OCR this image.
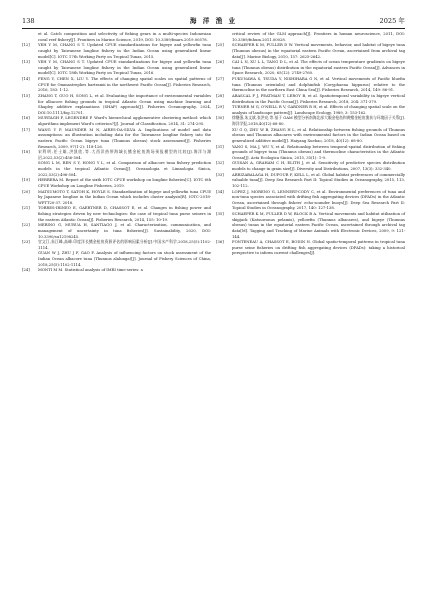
138	海 洋 渔 业	2025 年
et al. Catch composition and selectivity of fishing gears in a multi-species Indonesian coral reef fishery[J]. Frontiers in Marine Science, 2019, DOI: 10.3389/fmars.2019.00578.
[12] YEH Y M, CHANG S T. Updated CPUE standardizations for bigeye and yellowfin tuna caught by Taiwanese longline fishery in the Indian Ocean using generalized linear model[C]. IOTC 17th Working Party on Tropical Tunas, 2015.
[13] YEH Y M, CHANG S T. Updated CPUE standardizations for bigeye and yellowfin tuna caught by Taiwanese longline fishery in the Indian Ocean using generalized linear model[C]. IOTC 18th Working Party on Tropical Tunas, 2016.
[14] FENG Y, CHEN X, LIU Y. The effects of changing spatial scales on spatial patterns of CPUE for Ommastrephes bartramii in the northwest Pacific Ocean[J]. Fisheries Research, 2016, 183: 1-12.
[15] ZHANG T, GUO H, SONG L, et al. Evaluating the importance of environmental variables for albacore fishing grounds in tropical Atlantic Ocean using machine learning and Shapley additive explanations (SHAP) approach[J]. Fisheries Oceanography, 2024, DOI:10.1111/fog.12701.
[16] MURTAGH F, LEGENDRE P. Ward's hierarchical agglomerative clustering method: which algorithms implement Ward's criterion?[J]. Journal of Classification, 2014, 31: 274-295.
[17] WANG Y P, MAUNDER M N, AIRES-DA-SILVA A. Implications of model and data assumptions: an illustration including data for the Taiwanese longline fishery into the eastern Pacific Ocean bigeye tuna (Thunnus obesus) stock assessment[J]. Fisheries Research, 2009, 97(1-2): 118-126.
[18] 宋利明,任士雄,洪凯欣,等.大西洋热带海域长鳍金枪鱼渔场预报模型的比较[J].海洋与湖沼,2022,53(2):456-504.
SONG L M, REN S Y, HONG Y L, et al. Comparison of albacore tuna fishery prediction models in the tropical Atlantic Ocean[J]. Oceanologia et Limnologia Sinica, 2022,53(2):496-504.
[19] HERRERA M. Report of the sixth IOTC CPUE workshop on longline fisheries[C]. IOTC 6th CPUE Workshop on Longline Fisheries, 2019.
[20] MATSUMOTO T, SATOH K, HOYLE S. Standardization of bigeye and yellowfin tuna CPUE by Japanese longline in the Indian Ocean which includes cluster analysis[R]. IOTC-2018-WPTT20-37. 2018.
[21] TORRES-IRINEO E, GAERTNER D, CHASSOT E, et al. Changes in fishing power and fishing strategies driven by new technologies: the case of tropical tuna purse seiners in the eastern Atlantic Ocean[J]. Fisheries Research, 2014, 155: 10-19.
[22] MERINO G, MURUA H, SANTIAGO J, et al. Characterization, communication, and management of uncertainty in tuna fisheries[J]. Sustainability, 2020, DOI: 10.3390/su12198245.
[23] 官文江,朱江峰,高峰.印度洋长鳍金枪鱼资源评估的影响因素分析[J].中国水产科学,2018,25(5):1102-1114.
GUAN W J, ZHU J F, GAO F. Analysis of influencing factors on stock assessment of the Indian Ocean albacore tuna (Thunnus alalunga)[J]. Journal of Fishery Sciences of China, 2018,25(5):1102-1114.
[24] MONTI M M. Statistical analysis of IMRI time-series: a
critical review of the GLM approach[J]. Frontiers in human neuroscience, 2011, DOI: 10.3389/fnhum.2011.00028.
[25] SCHAEFER K M, FULLER D W. Vertical movements, behavior, and habitat of bigeye tuna (Thunnus obesus) in the equatorial eastern Pacific Ocean, ascertained from archival tag data[J]. Marine Biology, 2010, 157: 2625-2642.
[26] CAI L N, XU L L, TANG D L, et al. The effects of ocean temperature gradients on bigeye tuna (Thunnus obesus) distribution in the equatorial eastern Pacific Ocean[J]. Advances in Space Research, 2020, 65(12): 2749-2760.
[27] FUKUNAWA S, TSUDA Y, NISHIHARA G N, et al. Vertical movements of Pacific bluefin tuna (Thunnus orientalis) and dolphinfish (Coryphaena hippurus) relative to the thermocline in the northern East China Sea[J]. Fisheries Research, 2014, 149: 86-91.
[28] ABASCAL F J, PEATMAN T, LEROY B, et al. Spatiotemporal variability in bigeye vertical distribution in the Pacific Ocean[J]. Fisheries Research, 2018, 204: 371-379.
[29] TURNER M G, O'NEILL R V, GARDNER R H, et al. Effects of changing spatial scale on the analysis of landscape pattern[J]. Landscape Ecology, 1989, 3: 153-162.
[30] 徐继强,朱文斌,张洪亮,等.基于 GAM 模型分析南海北部大眼金枪鱼和黄鳍金枪鱼渔获与环境因子关系[J].海洋学报,2018,40(12):68-80.
XU G Q, ZHU W B, ZHANG H L, et al. Relationship between fishing grounds of Thunnus obesus and Thunnus albacares with environmental factors in the Indian Ocean based on generalized additive model[J]. Haiyang Xuebao, 2018, 40(12): 68-80.
[31] YANG S, MA J, WU Y, et al. Relationship between temporal-spatial distribution of fishing grounds of bigeye tuna (Thunnus obesus) and thermocline characteristics in the Atlantic Ocean[J]. Acta Ecologica Sinica, 2015, 35(1): 1-9.
[32] GUISAN A, GRAHAM C H, ELITH J, et al. Sensitivity of predictive species distribution models to change in grain size[J]. Diversity and Distributions, 2007, 13(3): 332-340.
[33] ARRIZABALAGA H, DUFOUR F, KELL L, et al. Global habitat preferences of commercially valuable tuna[J]. Deep Sea Research Part II: Topical Studies in Oceanography, 2015, 113, 102-112.
[34] LOPEZ J, MORENO G, LENNERT-CODY C, et al. Environmental preferences of tuna and non-tuna species associated with drifting fish aggregating devices (DFADs) in the Atlantic Ocean, ascertained through fishers' echo-sounder buoys[J]. Deep Sea Research Part II: Topical Studies in Oceanography, 2017, 140: 127-138.
[35] SCHAEFER K M, FULLER D W, BLOCK B A. Vertical movements and habitat utilization of skipjack (Katsuwonus pelamis), yellowfin (Thunnus albacares), and bigeye (Thunnus obesus) tunas in the equatorial eastern Pacific Ocean, ascertained through archival tag data[M]. Tagging and Tracking of Marine Animals with Electronic Devices, 2009, 9: 121-144.
[36] FONTENEAU A, CHASSOT E, BODIN N. Global spatio-temporal patterns in tropical tuna purse seine fisheries on drifting fish aggregating devices (DFADs): taking a historical perspective to inform current challenges[J].
